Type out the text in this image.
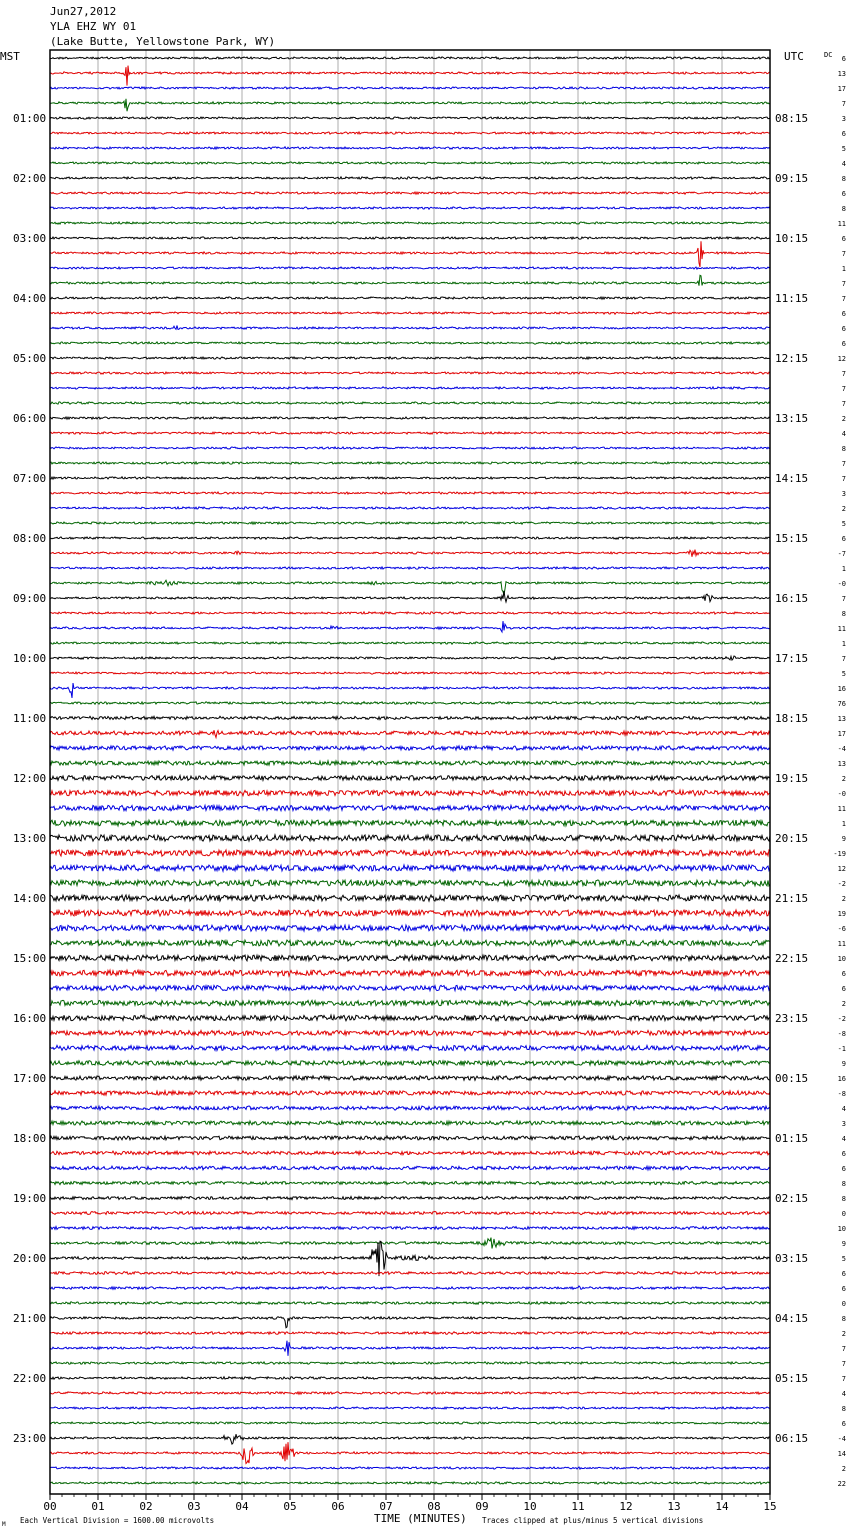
Jun27,2012
YLA EHZ WY 01
(Lake Butte, Yellowstone Park, WY)
00	01	02	03	04	05	06	07	08	09	10	11	12	13	14	15
01:00
02:00
03:00
04:00
05:00
06:00
07:00
08:00
09:00
10:00
11:00
12:00
13:00
14:00
15:00
16:00
17:00
18:00
19:00
20:00
21:00
22:00
23:00
08:15
09:15
10:15
11:15
12:15
13:15
14:15
15:15
16:15
17:15
18:15
19:15
20:15
21:15
22:15
23:15
00:15
01:15
02:15
03:15
04:15
05:15
06:15
6
13
17
7
3
6
5
4
8
6
8
11
6
7
1
7
7
6
6
6
12
7
7
7
2
4
8
7
7
3
2
5
6
-7
1
-0
7
8
11
1
7
5
16
76
13
17
-4
13
2
-0
11
1
9
-19
12
-2
2
19
-6
11
10
6
6
2
-2
-8
-1
9
16
-8
4
3
4
6
6
8
8
0
10
9
5
6
6
0
8
2
7
7
7
4
8
6
-4
14
2
22
MST	UTC	DC
TIME (MINUTES)
Each Vertical Division = 1600.00 microvolts	Traces clipped at plus/minus 5 vertical divisions
M
